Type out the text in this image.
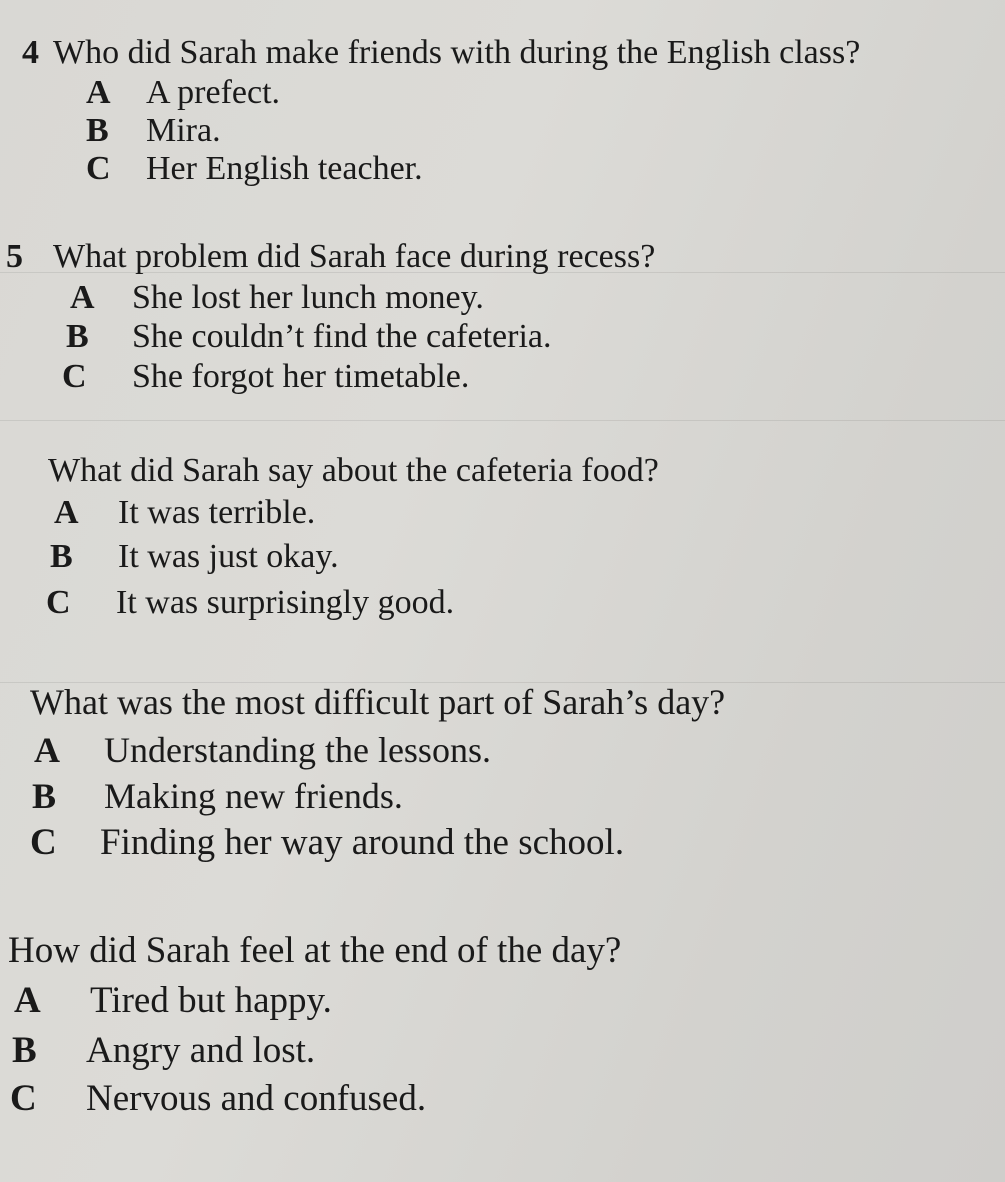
4 Who did Sarah make friends with during the English class?
A A prefect.
B Mira.
C Her English teacher.
5 What problem did Sarah face during recess?
A She lost her lunch money.
B She couldn’t find the cafeteria.
C She forgot her timetable.
What did Sarah say about the cafeteria food?
A It was terrible.
B It was just okay.
C It was surprisingly good.
What was the most difficult part of Sarah’s day?
A Understanding the lessons.
B Making new friends.
C Finding her way around the school.
How did Sarah feel at the end of the day?
A Tired but happy.
B Angry and lost.
C Nervous and confused.
